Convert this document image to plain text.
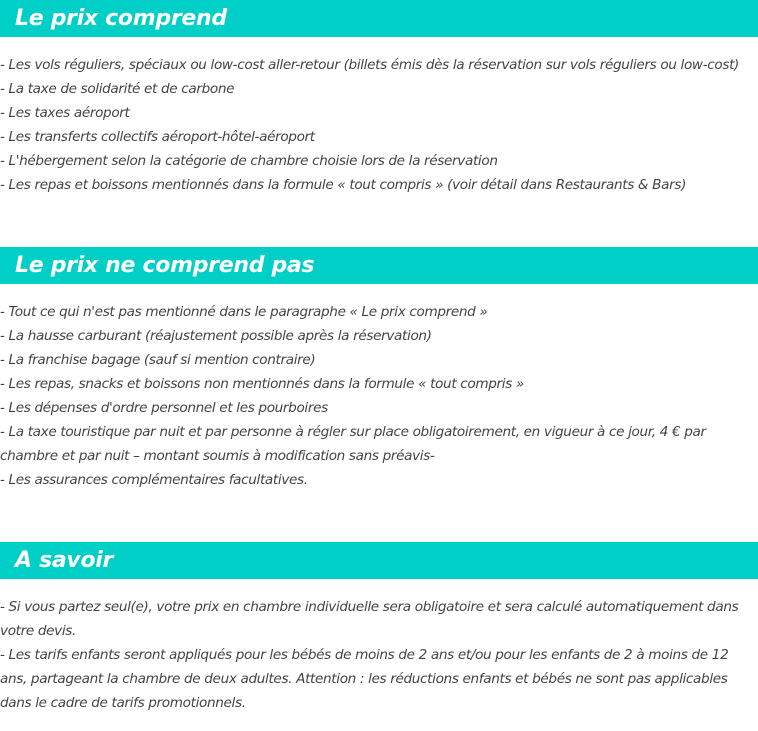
Le prix comprend
- Les vols réguliers, spéciaux ou low-cost aller-retour (billets émis dès la réservation sur vols réguliers ou low-cost)
- La taxe de solidarité et de carbone
- Les taxes aéroport
- Les transferts collectifs aéroport-hôtel-aéroport
- L'hébergement selon la catégorie de chambre choisie lors de la réservation
- Les repas et boissons mentionnés dans la formule « tout compris » (voir détail dans Restaurants & Bars)
Le prix ne comprend pas
- Tout ce qui n'est pas mentionné dans le paragraphe « Le prix comprend »
- La hausse carburant (réajustement possible après la réservation)
- La franchise bagage (sauf si mention contraire)
- Les repas, snacks et boissons non mentionnés dans la formule « tout compris »
- Les dépenses d'ordre personnel et les pourboires
- La taxe touristique par nuit et par personne à régler sur place obligatoirement, en vigueur à ce jour, 4 € par chambre et par nuit – montant soumis à modification sans préavis-
- Les assurances complémentaires facultatives.
A savoir
- Si vous partez seul(e), votre prix en chambre individuelle sera obligatoire et sera calculé automatiquement dans votre devis.
- Les tarifs enfants seront appliqués pour les bébés de moins de 2 ans et/ou pour les enfants de 2 à moins de 12 ans, partageant la chambre de deux adultes. Attention : les réductions enfants et bébés ne sont pas applicables dans le cadre de tarifs promotionnels.
